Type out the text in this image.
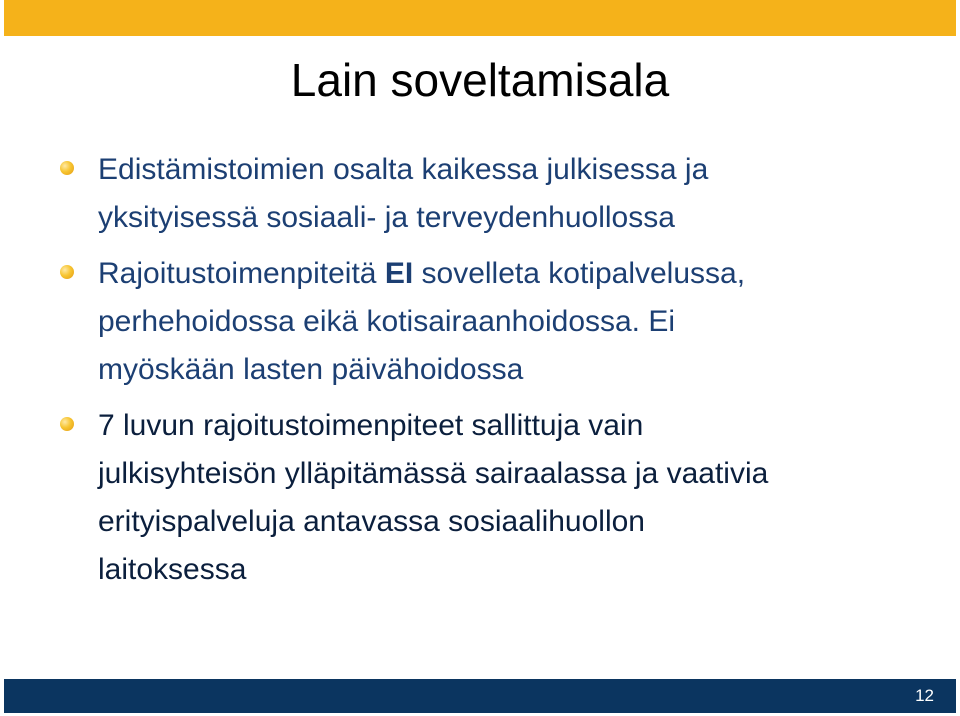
Lain soveltamisala
Edistämistoimien osalta kaikessa julkisessa ja
yksityisessä sosiaali- ja terveydenhuollossa
Rajoitustoimenpiteitä EI sovelleta kotipalvelussa,
perhehoidossa eikä kotisairaanhoidossa. Ei
myöskään lasten päivähoidossa
7 luvun rajoitustoimenpiteet sallittuja vain
julkisyhteisön ylläpitämässä sairaalassa ja vaativia
erityispalveluja antavassa sosiaalihuollon
laitoksessa
12
